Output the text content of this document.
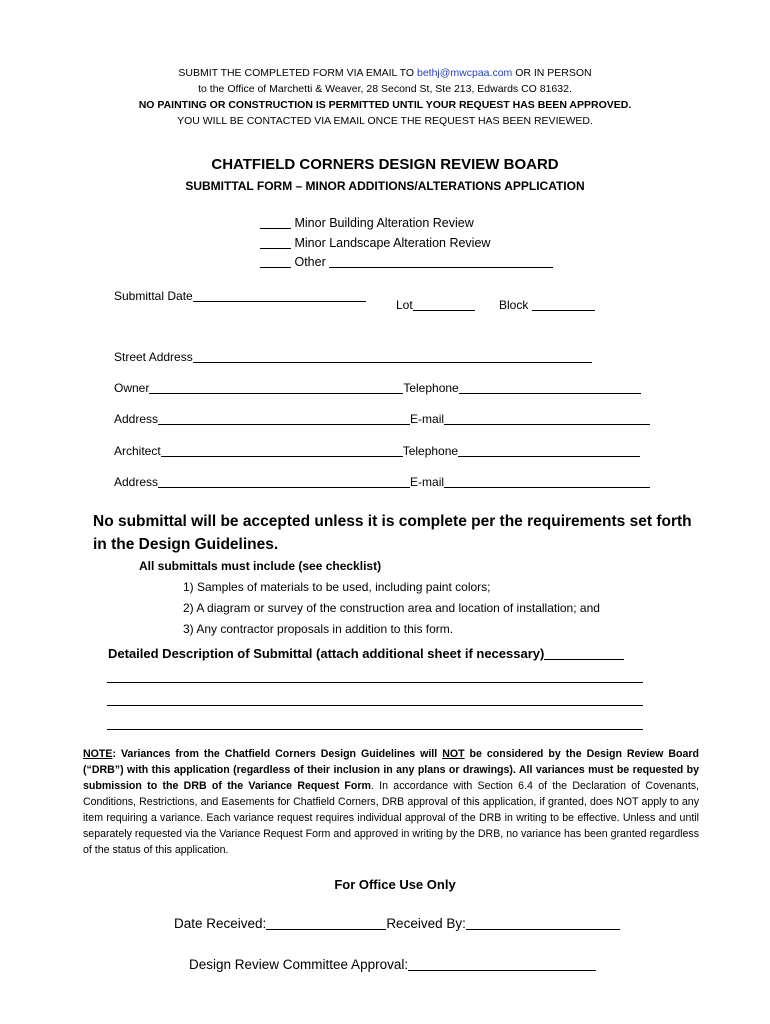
SUBMIT THE COMPLETED FORM VIA EMAIL TO bethj@mwcpaa.com OR IN PERSON
to the Office of Marchetti & Weaver, 28 Second St, Ste 213, Edwards CO 81632.
NO PAINTING OR CONSTRUCTION IS PERMITTED UNTIL YOUR REQUEST HAS BEEN APPROVED.
YOU WILL BE CONTACTED VIA EMAIL ONCE THE REQUEST HAS BEEN REVIEWED.
CHATFIELD CORNERS DESIGN REVIEW BOARD
SUBMITTAL FORM – MINOR ADDITIONS/ALTERATIONS APPLICATION
Minor Building Alteration Review
Minor Landscape Alteration Review
Other
Submittal Date
Lot	Block
Street Address
Owner	Telephone
Address	E-mail
Architect	Telephone
Address	E-mail
No submittal will be accepted unless it is complete per the requirements set forth
in the Design Guidelines.
All submittals must include (see checklist)
1) Samples of materials to be used, including paint colors;
2) A diagram or survey of the construction area and location of installation; and
3) Any contractor proposals in addition to this form.
Detailed Description of Submittal (attach additional sheet if necessary)

NOTE: Variances from the Chatfield Corners Design Guidelines will NOT be considered by the Design Review Board (“DRB”) with this application (regardless of their inclusion in any plans or drawings). All variances must be requested by submission to the DRB of the Variance Request Form. In accordance with Section 6.4 of the Declaration of Covenants, Conditions, Restrictions, and Easements for Chatfield Corners, DRB approval of this application, if granted, does NOT apply to any item requiring a variance. Each variance request requires individual approval of the DRB in writing to be effective. Unless and until separately requested via the Variance Request Form and approved in writing by the DRB, no variance has been granted regardless of the status of this application.

For Office Use Only
Date Received:	Received By:
Design Review Committee Approval:
